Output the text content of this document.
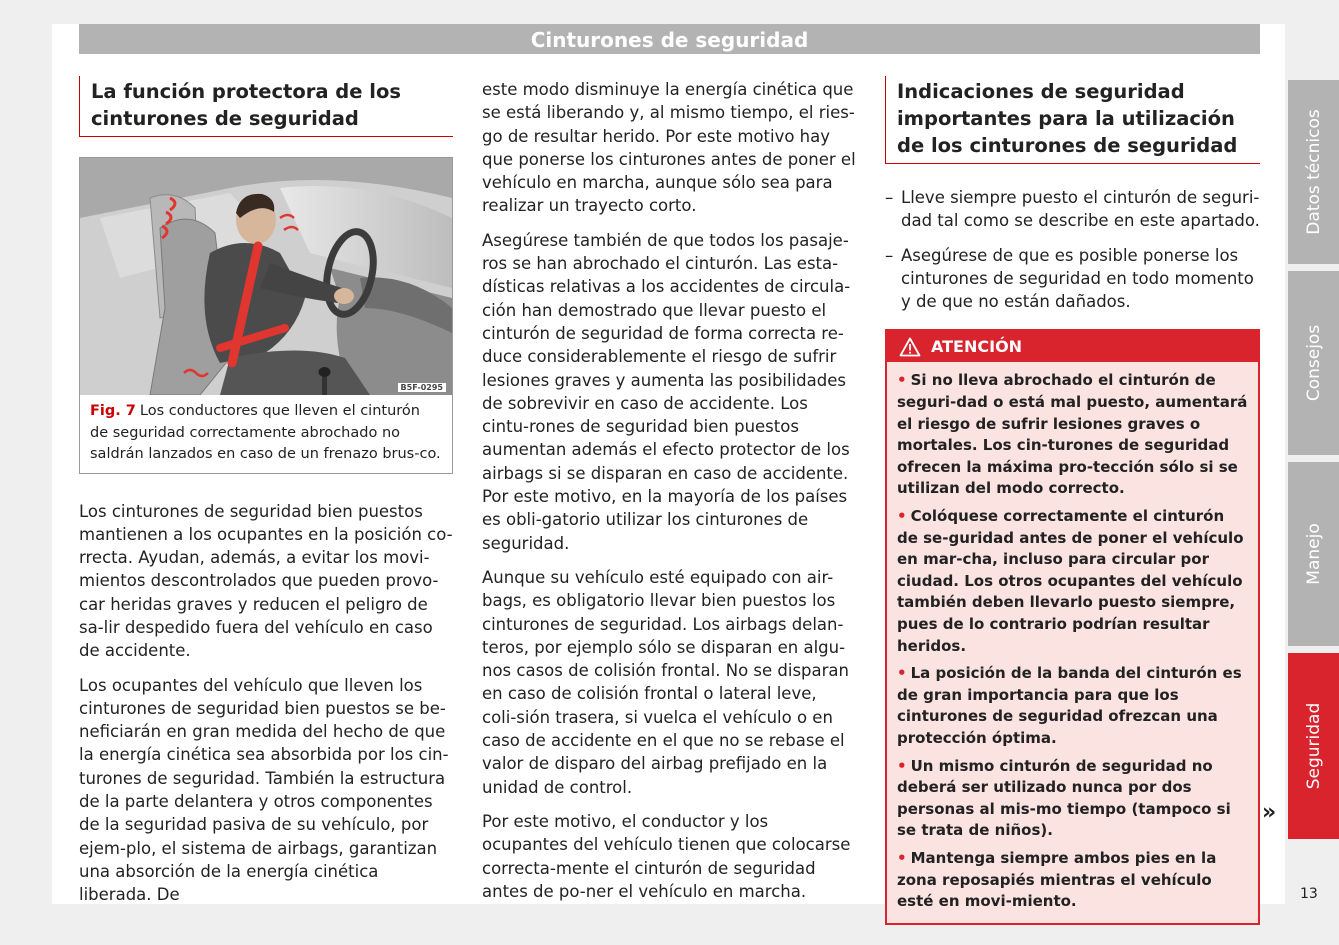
Cinturones de seguridad
La función protectora de los cinturones de seguridad
B5F-0295
Fig. 7 Los conductores que lleven el cinturón de seguridad correctamente abrochado no saldrán lanzados en caso de un frenazo brus-co.

Los cinturones de seguridad bien puestos mantienen a los ocupantes en la posición co-rrecta. Ayudan, además, a evitar los movi-mientos descontrolados que pueden provo-car heridas graves y reducen el peligro de sa-lir despedido fuera del vehículo en caso de accidente.

Los ocupantes del vehículo que lleven los cinturones de seguridad bien puestos se be-neficiarán en gran medida del hecho de que la energía cinética sea absorbida por los cin-turones de seguridad. También la estructura de la parte delantera y otros componentes de la seguridad pasiva de su vehículo, por ejem-plo, el sistema de airbags, garantizan una absorción de la energía cinética liberada. De

este modo disminuye la energía cinética que se está liberando y, al mismo tiempo, el ries-go de resultar herido. Por este motivo hay que ponerse los cinturones antes de poner el vehículo en marcha, aunque sólo sea para realizar un trayecto corto.

Asegúrese también de que todos los pasaje-ros se han abrochado el cinturón. Las esta-dísticas relativas a los accidentes de circula-ción han demostrado que llevar puesto el cinturón de seguridad de forma correcta re-duce considerablemente el riesgo de sufrir lesiones graves y aumenta las posibilidades de sobrevivir en caso de accidente. Los cintu-rones de seguridad bien puestos aumentan además el efecto protector de los airbags si se disparan en caso de accidente. Por este motivo, en la mayoría de los países es obli-gatorio utilizar los cinturones de seguridad.

Aunque su vehículo esté equipado con air-bags, es obligatorio llevar bien puestos los cinturones de seguridad. Los airbags delan-teros, por ejemplo sólo se disparan en algu-nos casos de colisión frontal. No se disparan en caso de colisión frontal o lateral leve, coli-sión trasera, si vuelca el vehículo o en caso de accidente en el que no se rebase el valor de disparo del airbag prefijado en la unidad de control.

Por este motivo, el conductor y los ocupantes del vehículo tienen que colocarse correcta-mente el cinturón de seguridad antes de po-ner el vehículo en marcha.

Indicaciones de seguridad importantes para la utilización de los cinturones de seguridad
– Lleve siempre puesto el cinturón de seguri-dad tal como se describe en este apartado.
– Asegúrese de que es posible ponerse los cinturones de seguridad en todo momento y de que no están dañados.
ATENCIÓN

• Si no lleva abrochado el cinturón de seguri-dad o está mal puesto, aumentará el riesgo de sufrir lesiones graves o mortales. Los cin-turones de seguridad ofrecen la máxima pro-tección sólo si se utilizan del modo correcto.

• Colóquese correctamente el cinturón de se-guridad antes de poner el vehículo en mar-cha, incluso para circular por ciudad. Los otros ocupantes del vehículo también deben llevarlo puesto siempre, pues de lo contrario podrían resultar heridos.

• La posición de la banda del cinturón es de gran importancia para que los cinturones de seguridad ofrezcan una protección óptima.

• Un mismo cinturón de seguridad no deberá ser utilizado nunca por dos personas al mis-mo tiempo (tampoco si se trata de niños).

• Mantenga siempre ambos pies en la zona reposapiés mientras el vehículo esté en movi-miento.

»
Datos técnicos
Consejos
Manejo
Seguridad
13
